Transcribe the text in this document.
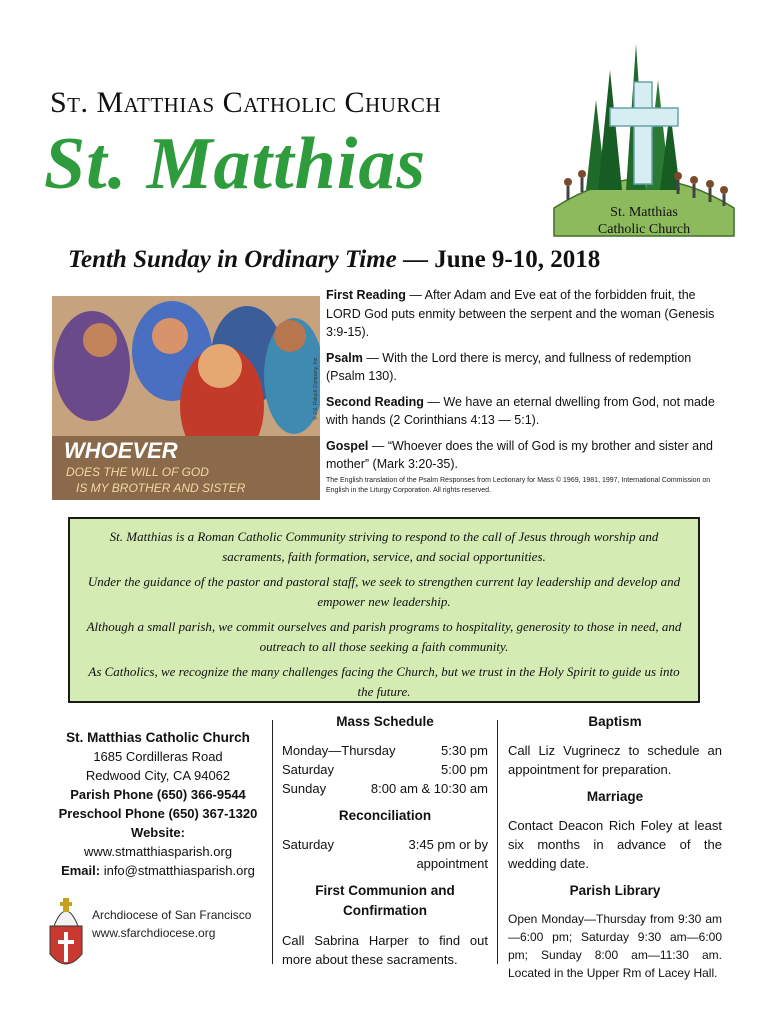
St. Matthias Catholic Church
St. Matthias
St. Matthias
Catholic Church
Tenth Sunday in Ordinary Time — June 9-10, 2018
WHOEVER
DOES THE WILL OF GOD
IS MY BROTHER AND SISTER
© J.S. Paluch Company, Inc.
First Reading — After Adam and Eve eat of the forbidden fruit, the LORD God puts enmity between the serpent and the woman (Genesis 3:9-15).
Psalm — With the Lord there is mercy, and fullness of redemption (Psalm 130).
Second Reading — We have an eternal dwelling from God, not made with hands (2 Corinthians 4:13 — 5:1).
Gospel — “Whoever does the will of God is my brother and sister and mother” (Mark 3:20-35).
The English translation of the Psalm Responses from Lectionary for Mass © 1969, 1981, 1997, International Commission on English in the Liturgy Corporation. All rights reserved.

St. Matthias is a Roman Catholic Community striving to respond to the call of Jesus through worship and sacraments, faith formation, service, and social opportunities.

Under the guidance of the pastor and pastoral staff, we seek to strengthen current lay leadership and develop and empower new leadership.

Although a small parish, we commit ourselves and parish programs to hospitality, generosity to those in need, and outreach to all those seeking a faith community.

As Catholics, we recognize the many challenges facing the Church, but we trust in the Holy Spirit to guide us into the future.

St. Matthias Catholic Church
1685 Cordilleras Road
Redwood City, CA 94062
Parish Phone (650) 366-9544
Preschool Phone (650) 367-1320
Website:
www.stmatthiasparish.org
Email: info@stmatthiasparish.org
Archdiocese of San Francisco
www.sfarchdiocese.org
Mass Schedule
Monday—Thursday	5:30 pm
Saturday	5:00 pm
Sunday	8:00 am & 10:30 am
Reconciliation
Saturday	3:45 pm or by
appointment
First Communion and Confirmation
Call Sabrina Harper to find out more about these sacraments.
Baptism
Call Liz Vugrinecz to schedule an appointment for preparation.
Marriage
Contact Deacon Rich Foley at least six months in advance of the wedding date.
Parish Library
Open Monday—Thursday from 9:30 am—6:00 pm; Saturday 9:30 am—6:00 pm; Sunday 8:00 am—11:30 am. Located in the Upper Rm of Lacey Hall.
